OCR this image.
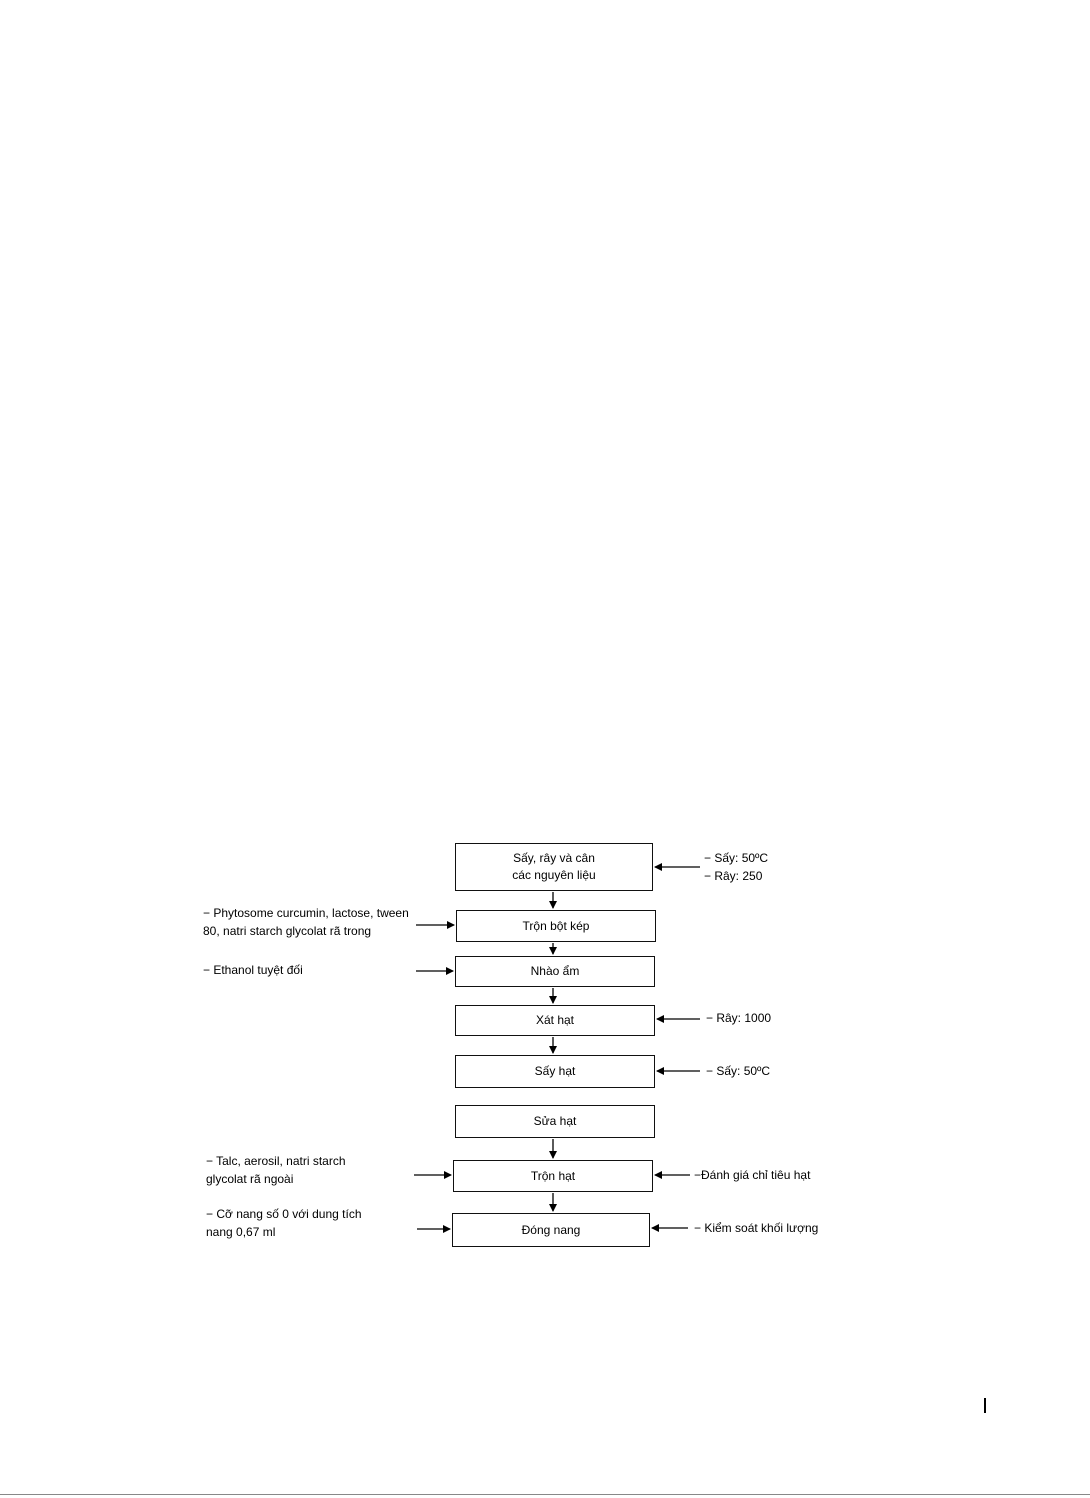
Sấy, rây và cân
các nguyên liệu
Trộn bột kép
Nhào ẩm
Xát hạt
Sấy hạt
Sửa hạt
Trộn hạt
Đóng nang
− Phytosome curcumin, lactose, tween
80, natri starch glycolat rã trong
− Ethanol tuyệt đối
− Talc, aerosil, natri starch
glycolat rã ngoài
− Cỡ nang số 0 với dung tích
nang 0,67 ml
− Sấy: 50ºC
− Rây: 250
− Rây: 1000
− Sấy: 50ºC
−Đánh giá chỉ tiêu hạt
− Kiểm soát khối lượng
